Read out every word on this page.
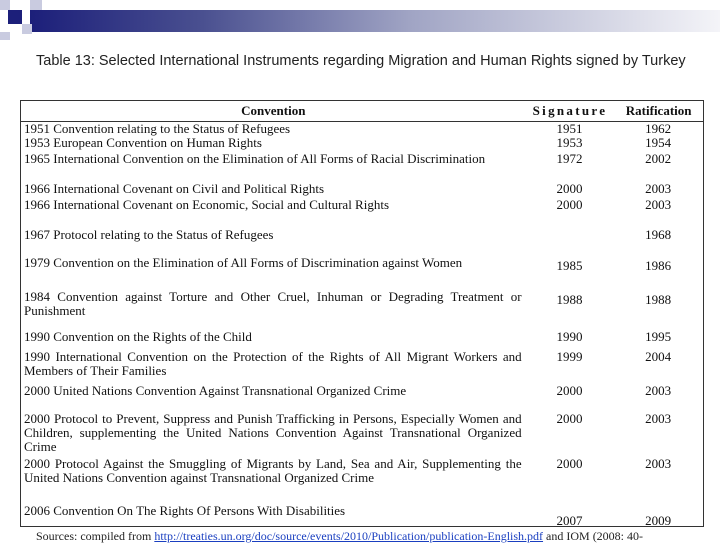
Table 13: Selected International Instruments regarding Migration and Human Rights signed by Turkey
Convention	Signature	Ratification
1951 Convention relating to the Status of Refugees	1951	1962
1953 European Convention on Human Rights	1953	1954
1965 International Convention on the Elimination of All Forms of Racial Discrimination	1972	2002
1966 International Covenant on Civil and Political Rights	2000	2003
1966 International Covenant on Economic, Social and Cultural Rights	2000	2003
1967 Protocol relating to the Status of Refugees		1968
1979 Convention on the Elimination of All Forms of Discrimination against Women	1985	1986
1984 Convention against Torture and Other Cruel, Inhuman or Degrading Treatment or Punishment	1988	1988
1990 Convention on the Rights of the Child	1990	1995
1990 International Convention on the Protection of the Rights of All Migrant Workers and Members of Their Families	1999	2004
2000 United Nations Convention Against Transnational Organized Crime	2000	2003
2000 Protocol to Prevent, Suppress and Punish Trafficking in Persons, Especially Women and Children, supplementing the United Nations Convention Against Transnational Organized Crime	2000	2003
2000 Protocol Against the Smuggling of Migrants by Land, Sea and Air, Supplementing the United Nations Convention against Transnational Organized Crime	2000	2003
2006 Convention On The Rights Of Persons With Disabilities	2007	2009
Sources: compiled from http://treaties.un.org/doc/source/events/2010/Publication/publication-English.pdf and IOM (2008: 40-
